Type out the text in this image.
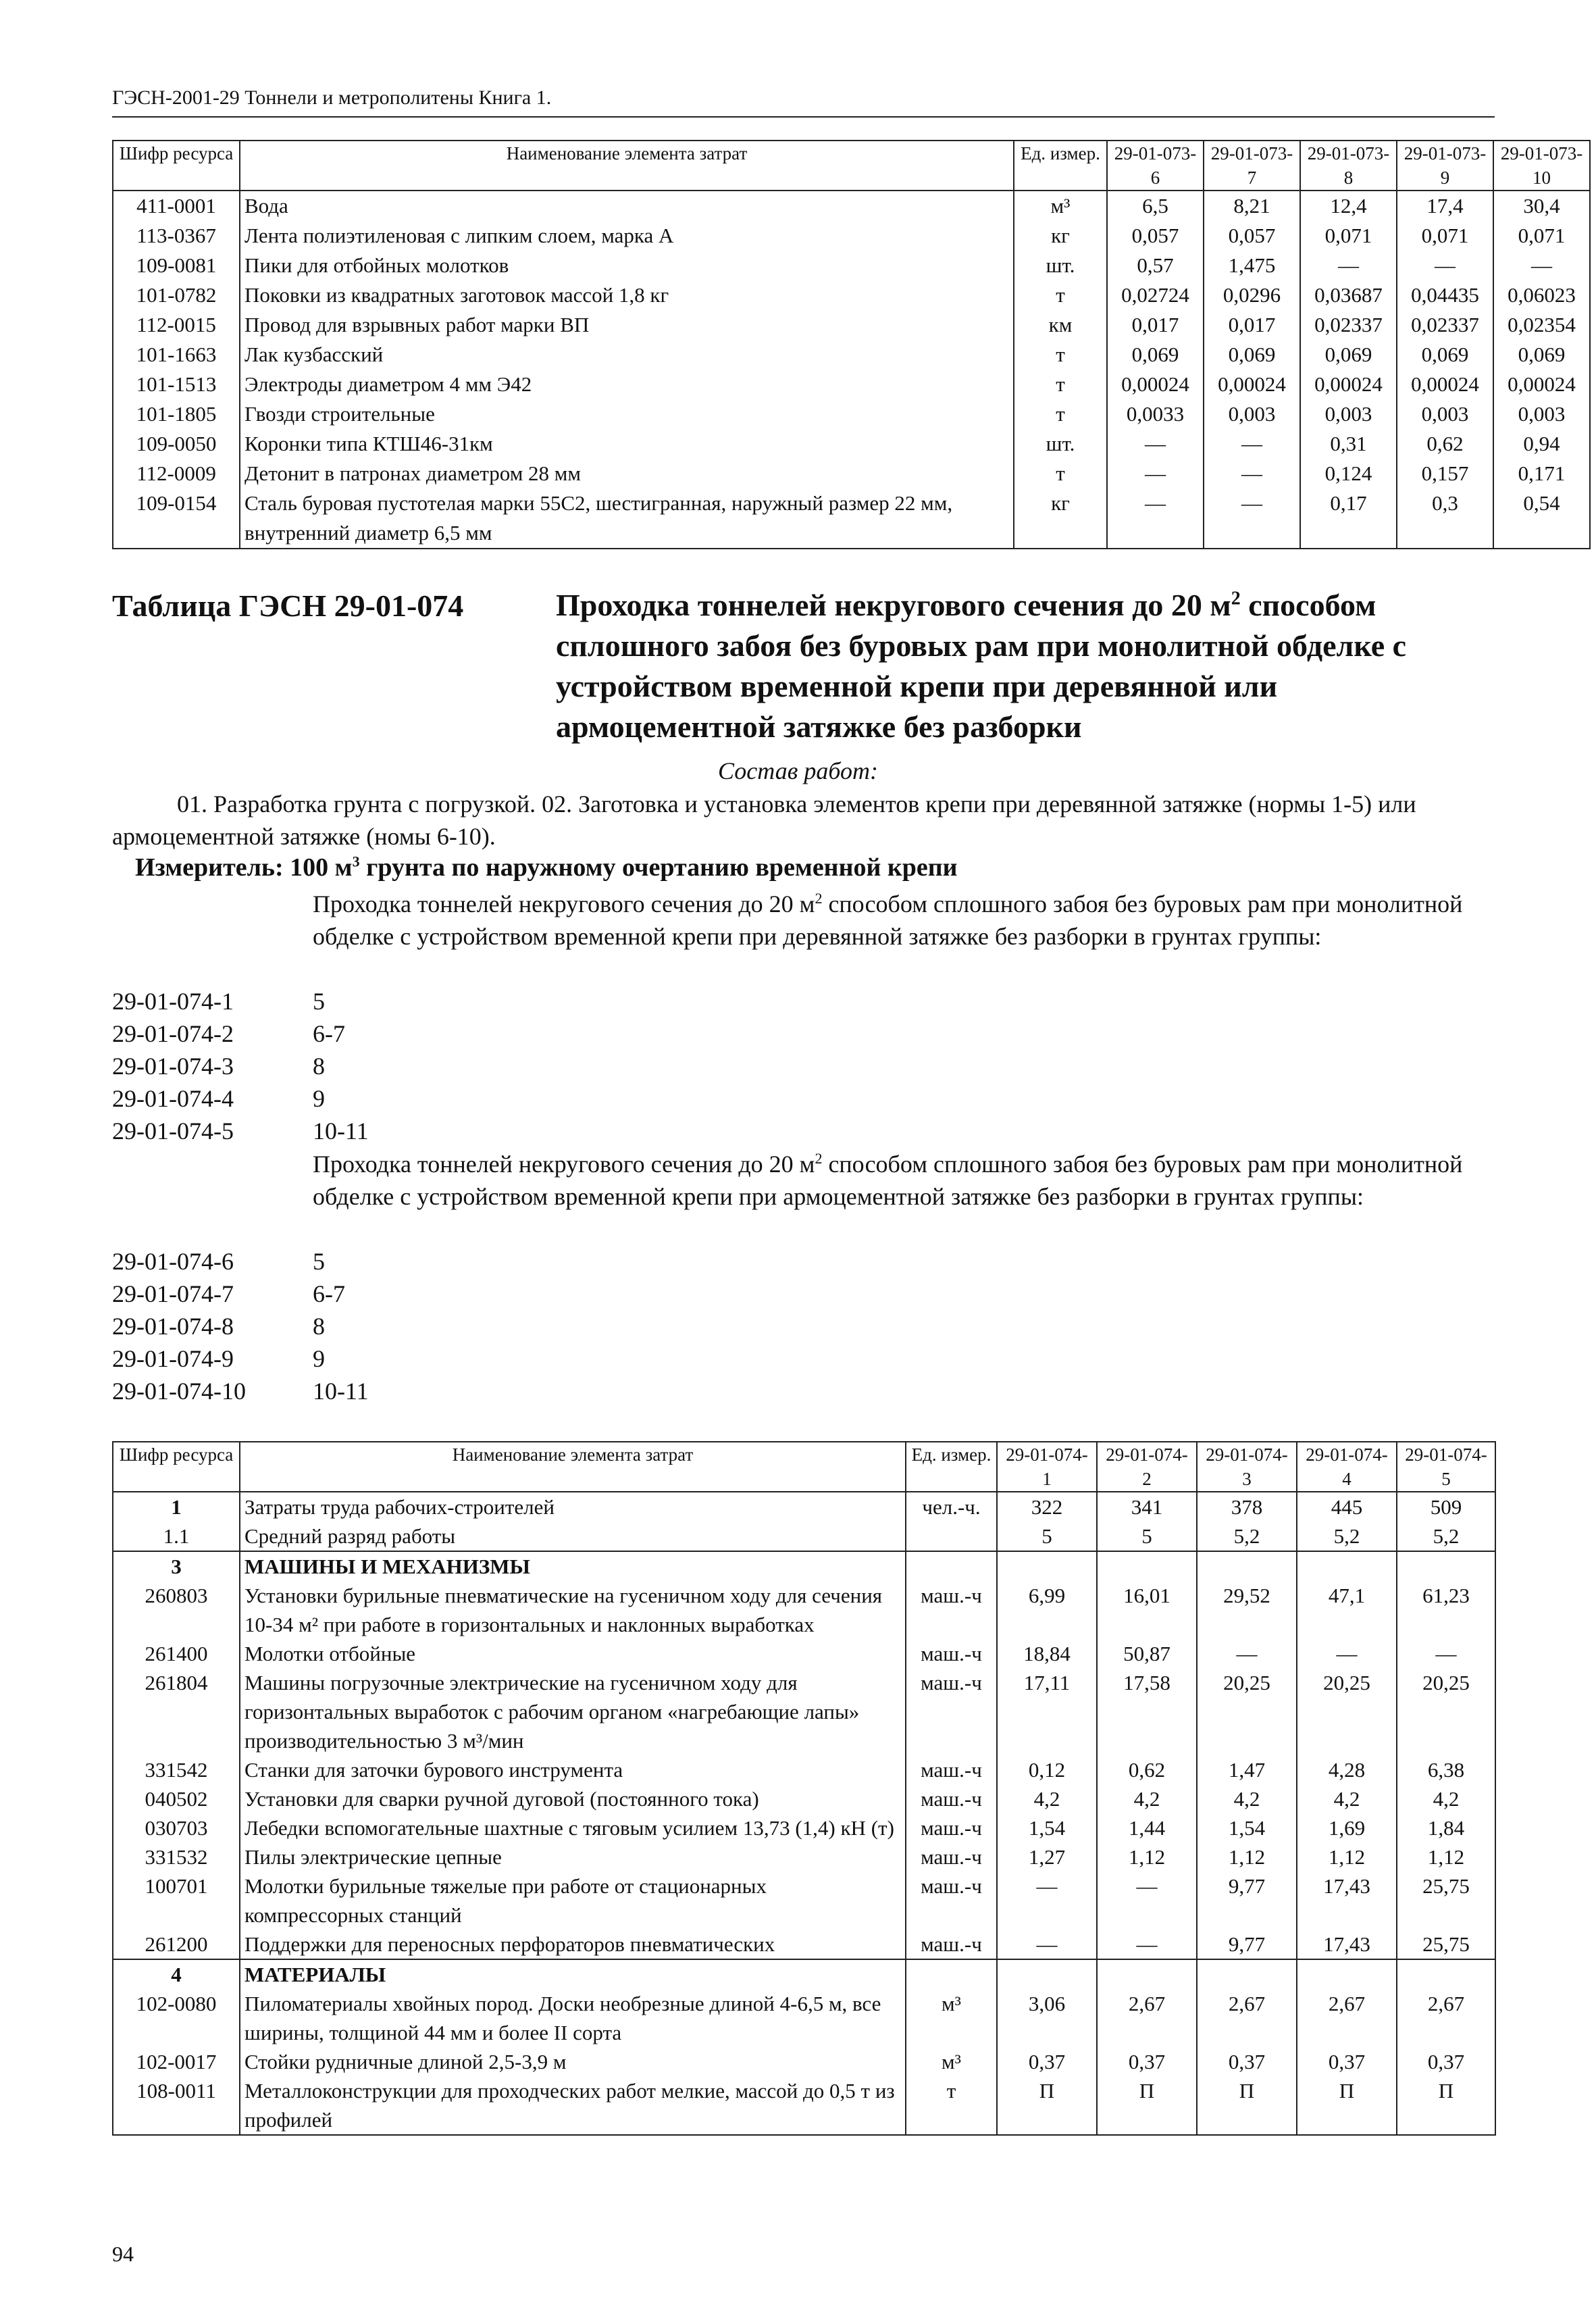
ГЭСН-2001-29 Тоннели и метрополитены Книга 1.
Шифр ресурса	Наименование элемента затрат	Ед. измер.	29-01-073-6	29-01-073-7	29-01-073-8	29-01-073-9	29-01-073-10
411-0001	Вода	м³	6,5	8,21	12,4	17,4	30,4
113-0367	Лента полиэтиленовая с липким слоем, марка А	кг	0,057	0,057	0,071	0,071	0,071
109-0081	Пики для отбойных молотков	шт.	0,57	1,475	—	—	—
101-0782	Поковки из квадратных заготовок массой 1,8 кг	т	0,02724	0,0296	0,03687	0,04435	0,06023
112-0015	Провод для взрывных работ марки ВП	км	0,017	0,017	0,02337	0,02337	0,02354
101-1663	Лак кузбасский	т	0,069	0,069	0,069	0,069	0,069
101-1513	Электроды диаметром 4 мм Э42	т	0,00024	0,00024	0,00024	0,00024	0,00024
101-1805	Гвозди строительные	т	0,0033	0,003	0,003	0,003	0,003
109-0050	Коронки типа КТШ46-31км	шт.	—	—	0,31	0,62	0,94
112-0009	Детонит в патронах диаметром 28 мм	т	—	—	0,124	0,157	0,171
109-0154	Сталь буровая пустотелая марки 55С2, шестигранная, наружный размер 22 мм, внутренний диаметр 6,5 мм	кг	—	—	0,17	0,3	0,54
Таблица ГЭСН 29-01-074	Проходка тоннелей некругового сечения до 20 $м^2$ способом сплошного забоя без буровых рам при монолитной обделке с устройством временной крепи при деревянной или армоцементной затяжке без разборки
Состав работ:
01. Разработка грунта с погрузкой. 02. Заготовка и установка элементов крепи при деревянной затяжке (нормы 1-5) или армоцементной затяжке (номы 6-10).
Измеритель: 100 $м^3$ грунта по наружному очертанию временной крепи
Проходка тоннелей некругового сечения до 20 $м^2$ способом сплошного забоя без буровых рам при монолитной обделке с устройством временной крепи при деревянной затяжке без разборки в грунтах группы:
29-01-074-1	5
29-01-074-2	6-7
29-01-074-3	8
29-01-074-4	9
29-01-074-5	10-11
Проходка тоннелей некругового сечения до 20 $м^2$ способом сплошного забоя без буровых рам при монолитной обделке с устройством временной крепи при армоцементной затяжке без разборки в грунтах группы:
29-01-074-6	5
29-01-074-7	6-7
29-01-074-8	8
29-01-074-9	9
29-01-074-10	10-11
Шифр ресурса	Наименование элемента затрат	Ед. измер.	29-01-074-1	29-01-074-2	29-01-074-3	29-01-074-4	29-01-074-5
1	Затраты труда рабочих-строителей	чел.-ч.	322	341	378	445	509
1.1	Средний разряд работы		5	5	5,2	5,2	5,2
3	МАШИНЫ И МЕХАНИЗМЫ						
260803	Установки бурильные пневматические на гусеничном ходу для сечения 10-34 м² при работе в горизонтальных и наклонных выработках	маш.-ч	6,99	16,01	29,52	47,1	61,23
261400	Молотки отбойные	маш.-ч	18,84	50,87	—	—	—
261804	Машины погрузочные электрические на гусеничном ходу для горизонтальных выработок с рабочим органом «нагребающие лапы» производительностью 3 м³/мин	маш.-ч	17,11	17,58	20,25	20,25	20,25
331542	Станки для заточки бурового инструмента	маш.-ч	0,12	0,62	1,47	4,28	6,38
040502	Установки для сварки ручной дуговой (постоянного тока)	маш.-ч	4,2	4,2	4,2	4,2	4,2
030703	Лебедки вспомогательные шахтные с тяговым усилием 13,73 (1,4) кН (т)	маш.-ч	1,54	1,44	1,54	1,69	1,84
331532	Пилы электрические цепные	маш.-ч	1,27	1,12	1,12	1,12	1,12
100701	Молотки бурильные тяжелые при работе от стационарных компрессорных станций	маш.-ч	—	—	9,77	17,43	25,75
261200	Поддержки для переносных перфораторов пневматических	маш.-ч	—	—	9,77	17,43	25,75
4	МАТЕРИАЛЫ						
102-0080	Пиломатериалы хвойных пород. Доски необрезные длиной 4-6,5 м, все ширины, толщиной 44 мм и более II сорта	м³	3,06	2,67	2,67	2,67	2,67
102-0017	Стойки рудничные длиной 2,5-3,9 м	м³	0,37	0,37	0,37	0,37	0,37
108-0011	Металлоконструкции для проходческих работ мелкие, массой до 0,5 т из профилей	т	П	П	П	П	П
94
